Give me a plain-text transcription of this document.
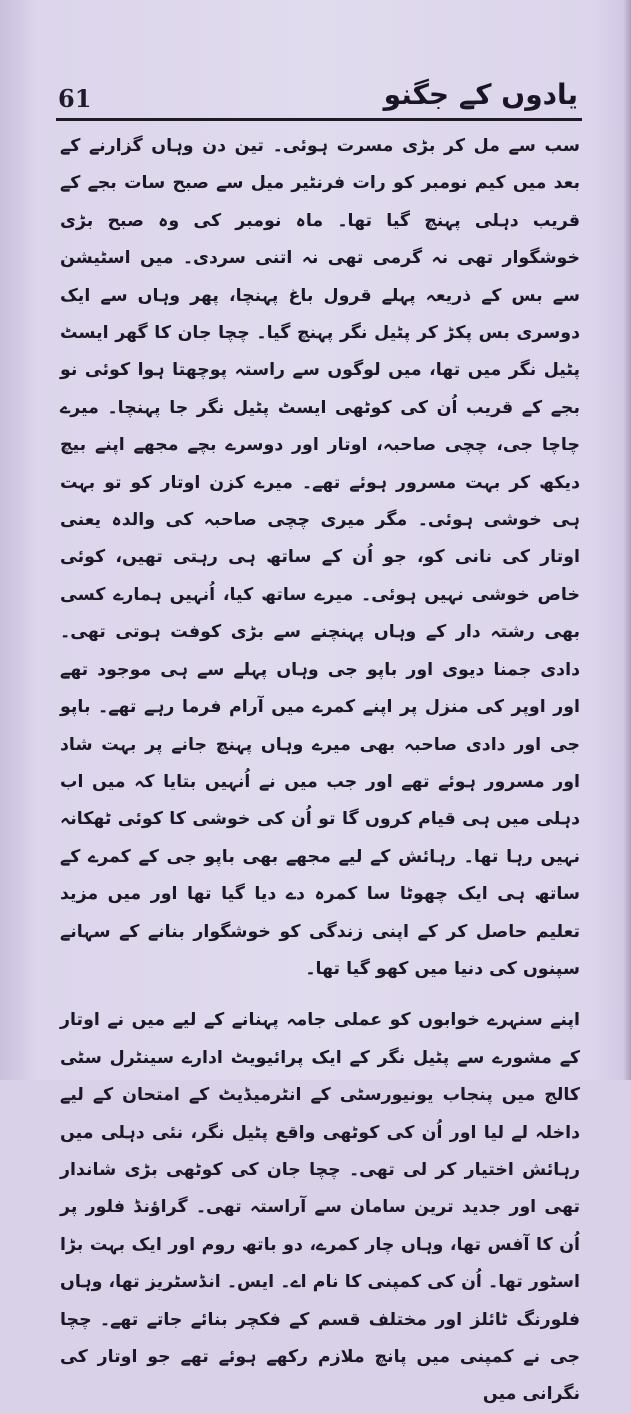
61	یادوں کے جگنو

سب سے مل کر بڑی مسرت ہوئی۔ تین دن وہاں گزارنے کے بعد میں کیم نومبر کو رات فرنٹیر میل سے صبح سات بجے کے قریب دہلی پہنچ گیا تھا۔ ماہ نومبر کی وہ صبح بڑی خوشگوار تھی نہ گرمی تھی نہ اتنی سردی۔ میں اسٹیشن سے بس کے ذریعہ پہلے قرول باغ پہنچا، پھر وہاں سے ایک دوسری بس پکڑ کر پٹیل نگر پہنچ گیا۔ چچا جان کا گھر ایسٹ پٹیل نگر میں تھا، میں لوگوں سے راستہ پوچھتا ہوا کوئی نو بجے کے قریب اُن کی کوٹھی ایسٹ پٹیل نگر جا پہنچا۔ میرے چاچا جی، چچی صاحبہ، اوتار اور دوسرے بچے مجھے اپنے بیچ دیکھ کر بہت مسرور ہوئے تھے۔ میرے کزن اوتار کو تو بہت ہی خوشی ہوئی۔ مگر میری چچی صاحبہ کی والدہ یعنی اوتار کی نانی کو، جو اُن کے ساتھ ہی رہتی تھیں، کوئی خاص خوشی نہیں ہوئی۔ میرے ساتھ کیا، اُنہیں ہمارے کسی بھی رشتہ دار کے وہاں پہنچنے سے بڑی کوفت ہوتی تھی۔ دادی جمنا دیوی اور باپو جی وہاں پہلے سے ہی موجود تھے اور اوپر کی منزل پر اپنے کمرے میں آرام فرما رہے تھے۔ باپو جی اور دادی صاحبہ بھی میرے وہاں پہنچ جانے پر بہت شاد اور مسرور ہوئے تھے اور جب میں نے اُنہیں بتایا کہ میں اب دہلی میں ہی قیام کروں گا تو اُن کی خوشی کا کوئی ٹھکانہ نہیں رہا تھا۔ رہائش کے لیے مجھے بھی باپو جی کے کمرے کے ساتھ ہی ایک چھوٹا سا کمرہ دے دیا گیا تھا اور میں مزید تعلیم حاصل کر کے اپنی زندگی کو خوشگوار بنانے کے سہانے سپنوں کی دنیا میں کھو گیا تھا۔

اپنے سنہرے خوابوں کو عملی جامہ پہنانے کے لیے میں نے اوتار کے مشورے سے پٹیل نگر کے ایک پرائیویٹ ادارے سینٹرل سٹی کالج میں پنجاب یونیورسٹی کے انٹرمیڈیٹ کے امتحان کے لیے داخلہ لے لیا اور اُن کی کوٹھی واقع پٹیل نگر، نئی دہلی میں رہائش اختیار کر لی تھی۔ چچا جان کی کوٹھی بڑی شاندار تھی اور جدید ترین سامان سے آراستہ تھی۔ گراؤنڈ فلور پر اُن کا آفس تھا، وہاں چار کمرے، دو باتھ روم اور ایک بہت بڑا اسٹور تھا۔ اُن کی کمپنی کا نام اے۔ ایس۔ انڈسٹریز تھا، وہاں فلورنگ ٹائلز اور مختلف قسم کے فکچر بنائے جاتے تھے۔ چچا جی نے کمپنی میں پانچ ملازم رکھے ہوئے تھے جو اوتار کی نگرانی میں
